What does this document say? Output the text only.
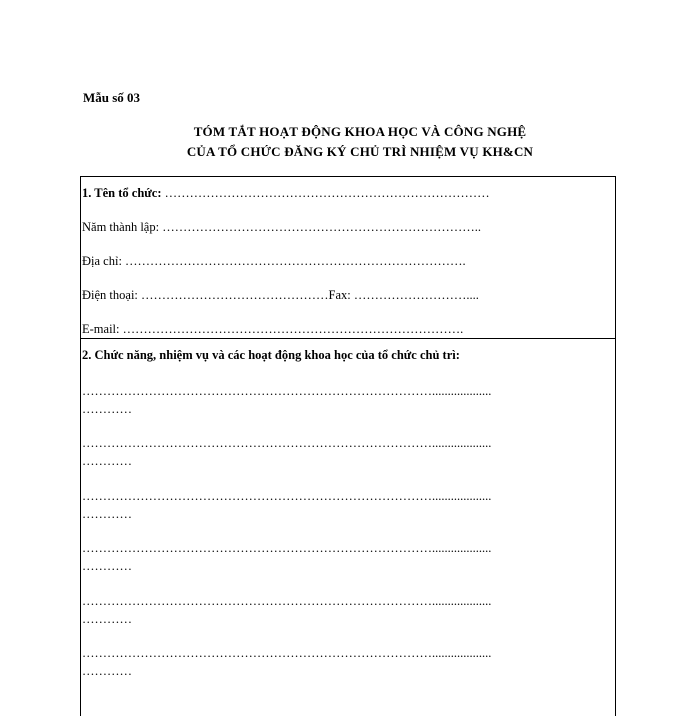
Mẫu số 03

TÓM TẮT HOẠT ĐỘNG KHOA HỌC VÀ CÔNG NGHỆ

CỦA TỔ CHỨC ĐĂNG KÝ CHỦ TRÌ NHIỆM VỤ KH&CN

1. Tên tổ chức: ……………………………………………………………………

Năm thành lập: …………………………………………………………………..

Địa chỉ: ……………………………………………………………………….

Điện thoại: ………………………………………Fax: ………………………....

E-mail: ……………………………………………………………………….

2. Chức năng, nhiệm vụ và các hoạt động khoa học của tổ chức chủ trì:

…………………………………………………………………………...................

…………

…………………………………………………………………………...................

…………

…………………………………………………………………………...................

…………

…………………………………………………………………………...................

…………

…………………………………………………………………………...................

…………

…………………………………………………………………………...................

…………
